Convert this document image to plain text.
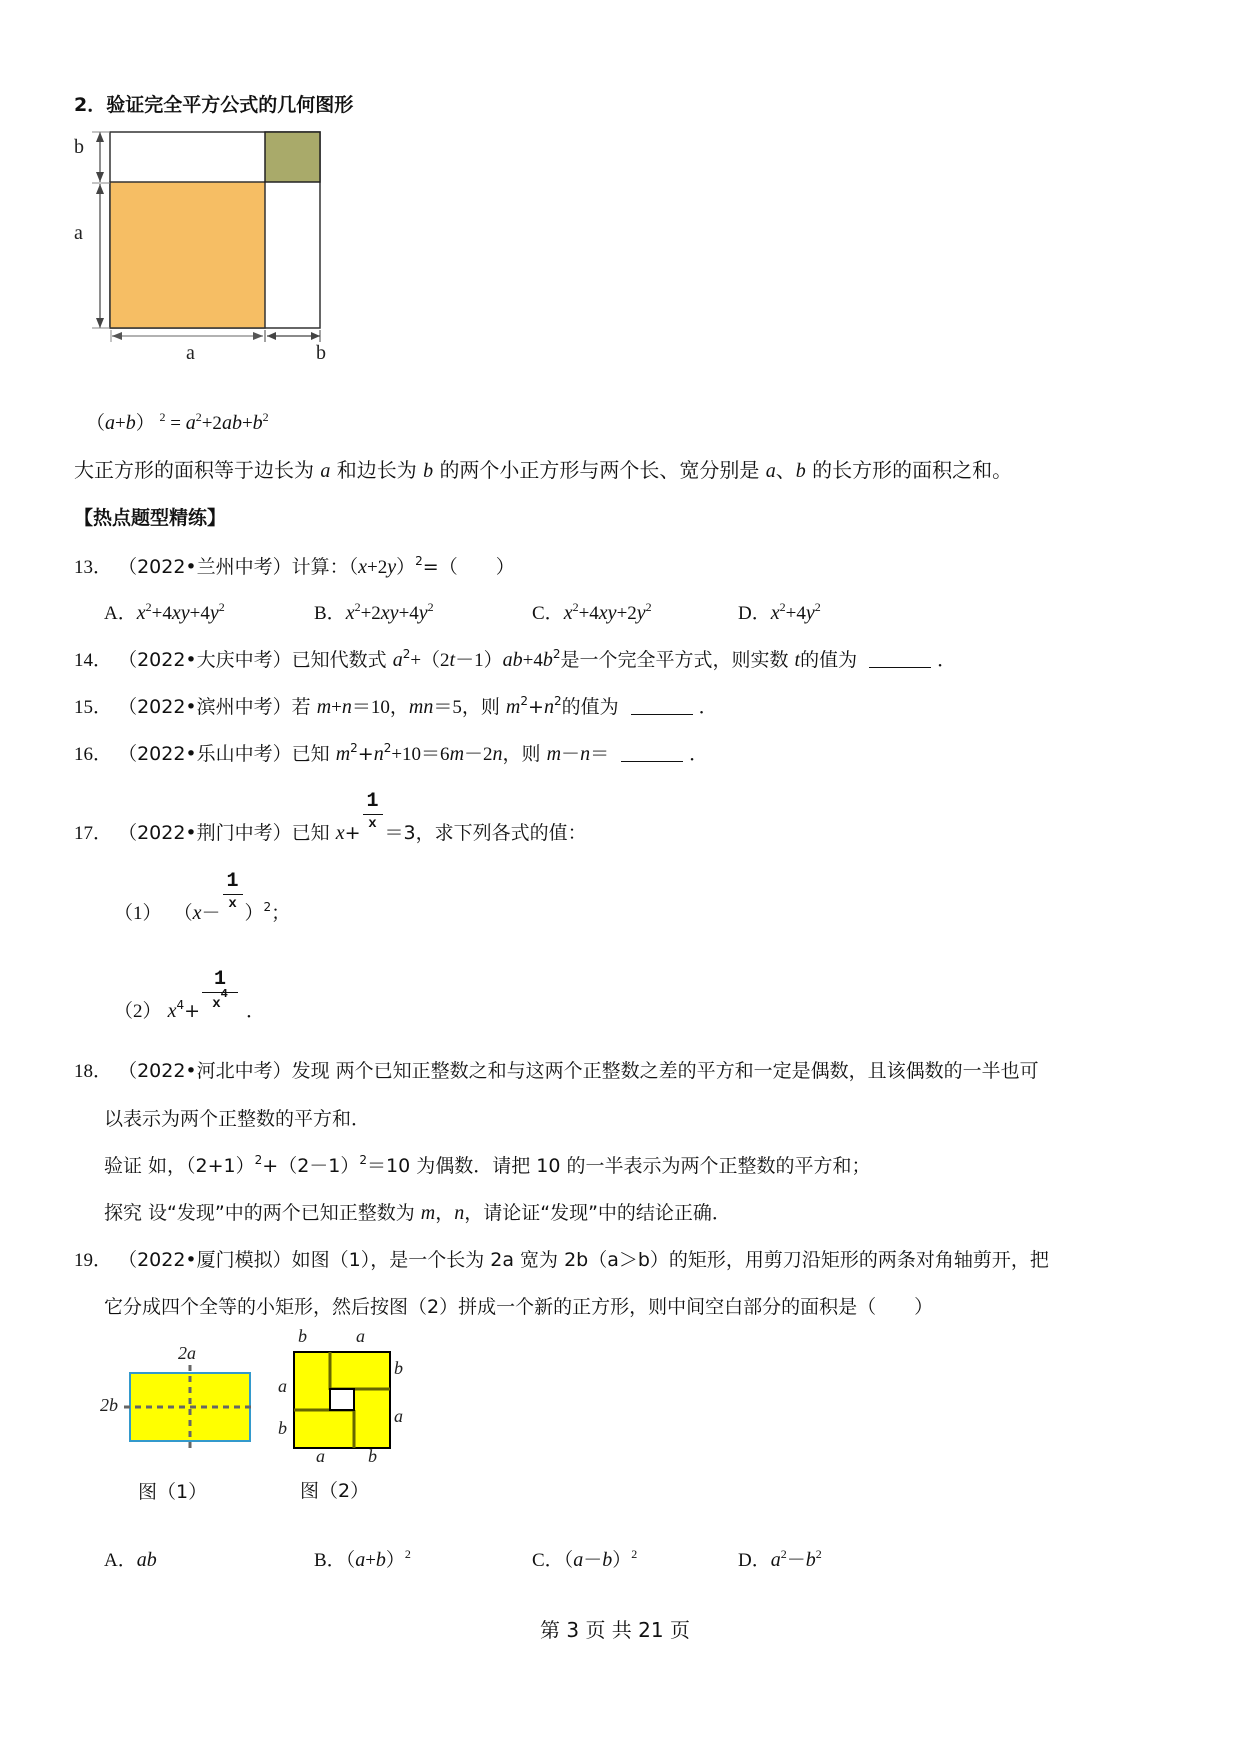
2．验证完全平方公式的几何图形
b
a
a	b
（a+b） $^2 = a^2+2ab+b^2$
大正方形的面积等于边长为 a 和边长为 b 的两个小正方形与两个长、宽分别是 a、b 的长方形的面积之和。
【热点题型精练】
13． （2022•兰州中考）计算：$(x+2y)^2=$（　　）
A．$x^2+4xy+4y^2$	B．$x^2+2xy+4y^2$	C．$x^2+4xy+2y^2$	D．$x^2+4y^2$
14． （2022•大庆中考）已知代数式 $a^2+(2t-1)ab+4b^2$是一个完全平方式，则实数 t的值为	．
15． （2022•滨州中考）若 m+n＝10，mn＝5，则 $m^2+n^2$的值为	．
16． （2022•乐山中考）已知 $m^2+n^2+10=6m-2n$，则 m－n＝	．
17． （2022•荆门中考）已知 $x+ \frac{1}{x} =3$，求下列各式的值：
（1）  $(x- \frac{1}{x} )^2$；
（2） $x^4+ \frac{1}{x^4}$ ．
18． （2022•河北中考）发现 两个已知正整数之和与这两个正整数之差的平方和一定是偶数，且该偶数的一半也可
以表示为两个正整数的平方和．
验证 如，$(2+1)^2+(2-1)^2=10$ 为偶数．请把 10 的一半表示为两个正整数的平方和；
探究 设“发现”中的两个已知正整数为 m，n，请论证“发现”中的结论正确．
19． （2022•厦门模拟）如图（1），是一个长为 2a 宽为 2b（a＞b）的矩形，用剪刀沿矩形的两条对角轴剪开，把
它分成四个全等的小矩形，然后按图（2）拼成一个新的正方形，则中间空白部分的面积是（　　）
2a
2b
图（1）
b	a
b
a
a b
a
b
图（2）
A．ab	B．$(a+b)^2$	C．$(a-b)^2$	D．$a^2-b^2$
第 3 页 共 21 页
